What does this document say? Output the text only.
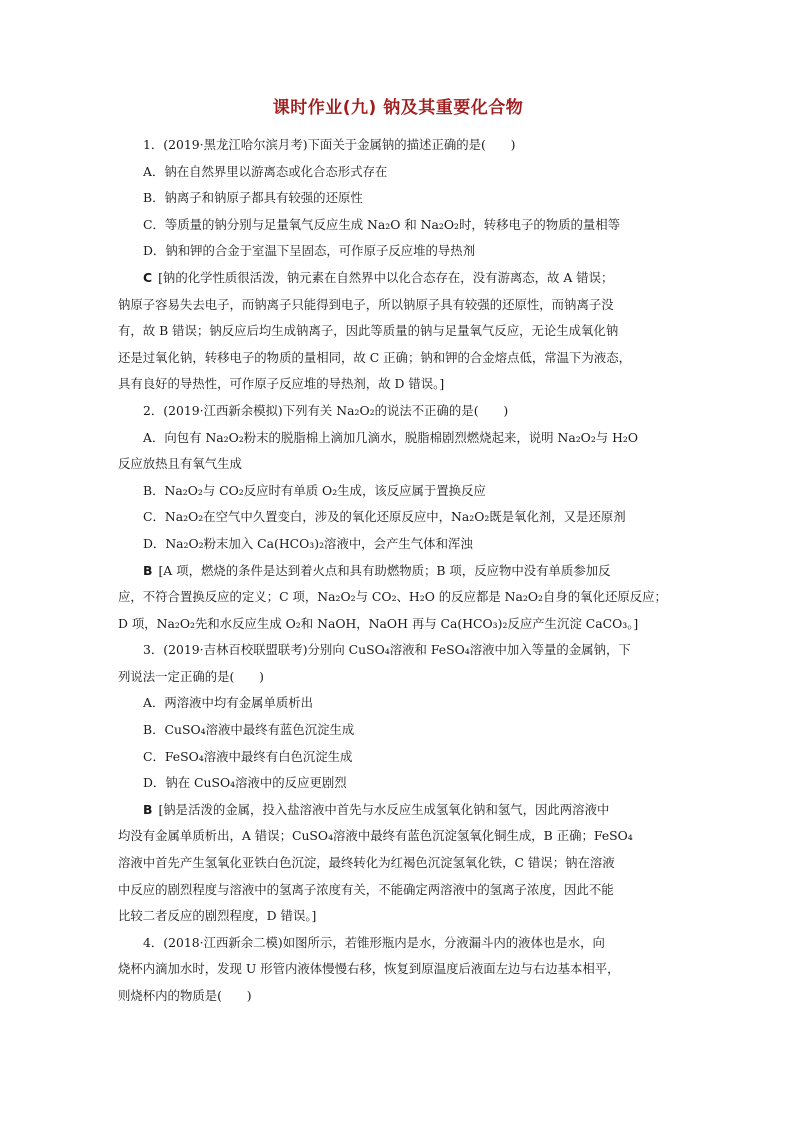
课时作业(九) 钠及其重要化合物

1．(2019·黑龙江哈尔滨月考)下面关于金属钠的描述正确的是(　　)

A．钠在自然界里以游离态或化合态形式存在

B．钠离子和钠原子都具有较强的还原性

C．等质量的钠分别与足量氧气反应生成 Na₂O 和 Na₂O₂时，转移电子的物质的量相等

D．钠和钾的合金于室温下呈固态，可作原子反应堆的导热剂

C [钠的化学性质很活泼，钠元素在自然界中以化合态存在，没有游离态，故 A 错误；

钠原子容易失去电子，而钠离子只能得到电子，所以钠原子具有较强的还原性，而钠离子没

有，故 B 错误；钠反应后均生成钠离子，因此等质量的钠与足量氧气反应，无论生成氧化钠

还是过氧化钠，转移电子的物质的量相同，故 C 正确；钠和钾的合金熔点低，常温下为液态，

具有良好的导热性，可作原子反应堆的导热剂，故 D 错误。]

2．(2019·江西新余模拟)下列有关 Na₂O₂的说法不正确的是(　　)

A．向包有 Na₂O₂粉末的脱脂棉上滴加几滴水，脱脂棉剧烈燃烧起来，说明 Na₂O₂与 H₂O

反应放热且有氧气生成

B．Na₂O₂与 CO₂反应时有单质 O₂生成，该反应属于置换反应

C．Na₂O₂在空气中久置变白，涉及的氧化还原反应中，Na₂O₂既是氧化剂，又是还原剂

D．Na₂O₂粉末加入 Ca(HCO₃)₂溶液中，会产生气体和浑浊

B [A 项，燃烧的条件是达到着火点和具有助燃物质；B 项，反应物中没有单质参加反

应，不符合置换反应的定义；C 项，Na₂O₂与 CO₂、H₂O 的反应都是 Na₂O₂自身的氧化还原反应；

D 项，Na₂O₂先和水反应生成 O₂和 NaOH，NaOH 再与 Ca(HCO₃)₂反应产生沉淀 CaCO₃。]

3．(2019·吉林百校联盟联考)分别向 CuSO₄溶液和 FeSO₄溶液中加入等量的金属钠，下

列说法一定正确的是(　　)

A．两溶液中均有金属单质析出

B．CuSO₄溶液中最终有蓝色沉淀生成

C．FeSO₄溶液中最终有白色沉淀生成

D．钠在 CuSO₄溶液中的反应更剧烈

B [钠是活泼的金属，投入盐溶液中首先与水反应生成氢氧化钠和氢气，因此两溶液中

均没有金属单质析出，A 错误；CuSO₄溶液中最终有蓝色沉淀氢氧化铜生成，B 正确；FeSO₄

溶液中首先产生氢氧化亚铁白色沉淀，最终转化为红褐色沉淀氢氧化铁，C 错误；钠在溶液

中反应的剧烈程度与溶液中的氢离子浓度有关，不能确定两溶液中的氢离子浓度，因此不能

比较二者反应的剧烈程度，D 错误。]

4．(2018·江西新余二模)如图所示，若锥形瓶内是水，分液漏斗内的液体也是水，向

烧杯内滴加水时，发现 U 形管内液体慢慢右移，恢复到原温度后液面左边与右边基本相平，

则烧杯内的物质是(　　)
